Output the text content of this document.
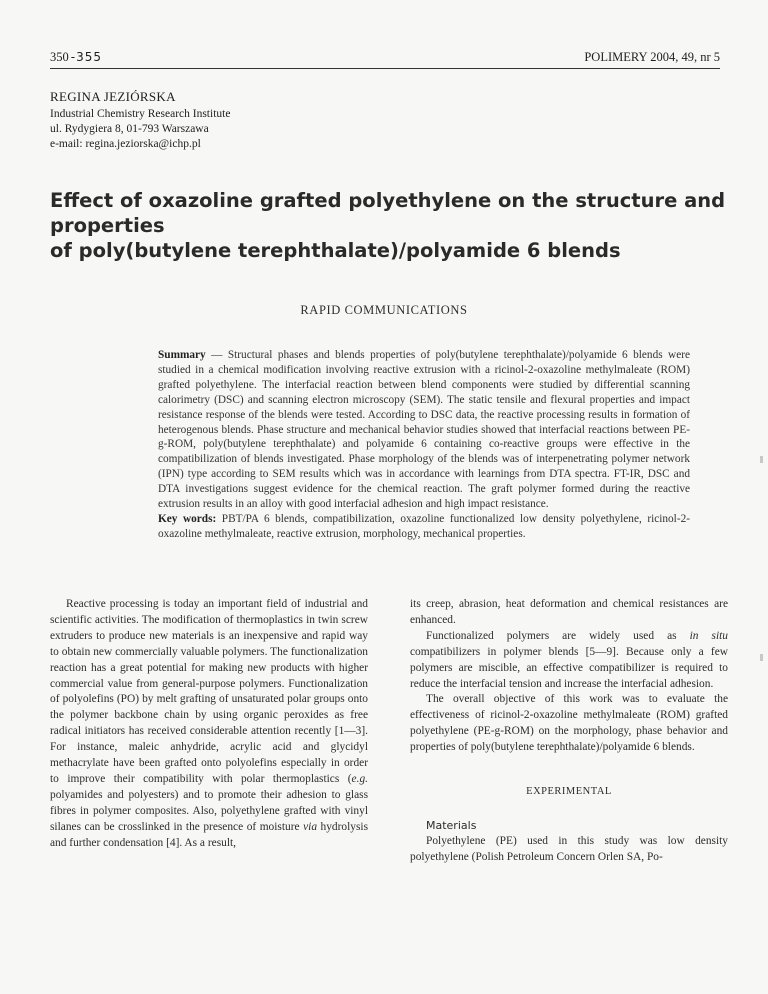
350 -355	POLIMERY 2004, 49, nr 5
REGINA JEZIÓRSKA
Industrial Chemistry Research Institute
ul. Rydygiera 8, 01-793 Warszawa
e-mail: regina.jeziorska@ichp.pl
Effect of oxazoline grafted polyethylene on the structure and properties
of poly(butylene terephthalate)/polyamide 6 blends
RAPID COMMUNICATIONS
Summary — Structural phases and blends properties of poly(butylene terephthalate)/polyamide 6 blends were studied in a chemical modification involving reactive extrusion with a ricinol-2-oxazoline methylmaleate (ROM) grafted polyethylene. The interfacial reaction between blend components were studied by differential scanning calorimetry (DSC) and scanning electron microscopy (SEM). The static tensile and flexural properties and impact resistance response of the blends were tested. According to DSC data, the reactive processing results in formation of heterogenous blends. Phase structure and mechanical behavior studies showed that interfacial reactions between PE-g-ROM, poly(butylene terephthalate) and polyamide 6 containing co-reactive groups were effective in the compatibilization of blends investigated. Phase morphology of the blends was of interpenetrating polymer network (IPN) type according to SEM results which was in accordance with learnings from DTA spectra. FT-IR, DSC and DTA investigations suggest evidence for the chemical reaction. The graft polymer formed during the reactive extrusion results in an alloy with good interfacial adhesion and high impact resistance.
Key words: PBT/PA 6 blends, compatibilization, oxazoline functionalized low density polyethylene, ricinol-2-oxazoline methylmaleate, reactive extrusion, morphology, mechanical properties.

Reactive processing is today an important field of industrial and scientific activities. The modification of thermoplastics in twin screw extruders to produce new materials is an inexpensive and rapid way to obtain new commercially valuable polymers. The functionalization reaction has a great potential for making new products with higher commercial value from general-purpose polymers. Functionalization of polyolefins (PO) by melt grafting of unsaturated polar groups onto the polymer backbone chain by using organic peroxides as free radical initiators has received considerable attention recently [1—3]. For instance, maleic anhydride, acrylic acid and glycidyl methacrylate have been grafted onto polyolefins especially in order to improve their compatibility with polar thermoplastics (e.g. polyamides and polyesters) and to promote their adhesion to glass fibres in polymer composites. Also, polyethylene grafted with vinyl silanes can be crosslinked in the presence of moisture via hydrolysis and further condensation [4]. As a result,

its creep, abrasion, heat deformation and chemical resistances are enhanced.

Functionalized polymers are widely used as in situ compatibilizers in polymer blends [5—9]. Because only a few polymers are miscible, an effective compatibilizer is required to reduce the interfacial tension and increase the interfacial adhesion.

The overall objective of this work was to evaluate the effectiveness of ricinol-2-oxazoline methylmaleate (ROM) grafted polyethylene (PE-g-ROM) on the morphology, phase behavior and properties of poly(butylene terephthalate)/polyamide 6 blends.

EXPERIMENTAL

Materials

Polyethylene (PE) used in this study was low density polyethylene (Polish Petroleum Concern Orlen SA, Po-
